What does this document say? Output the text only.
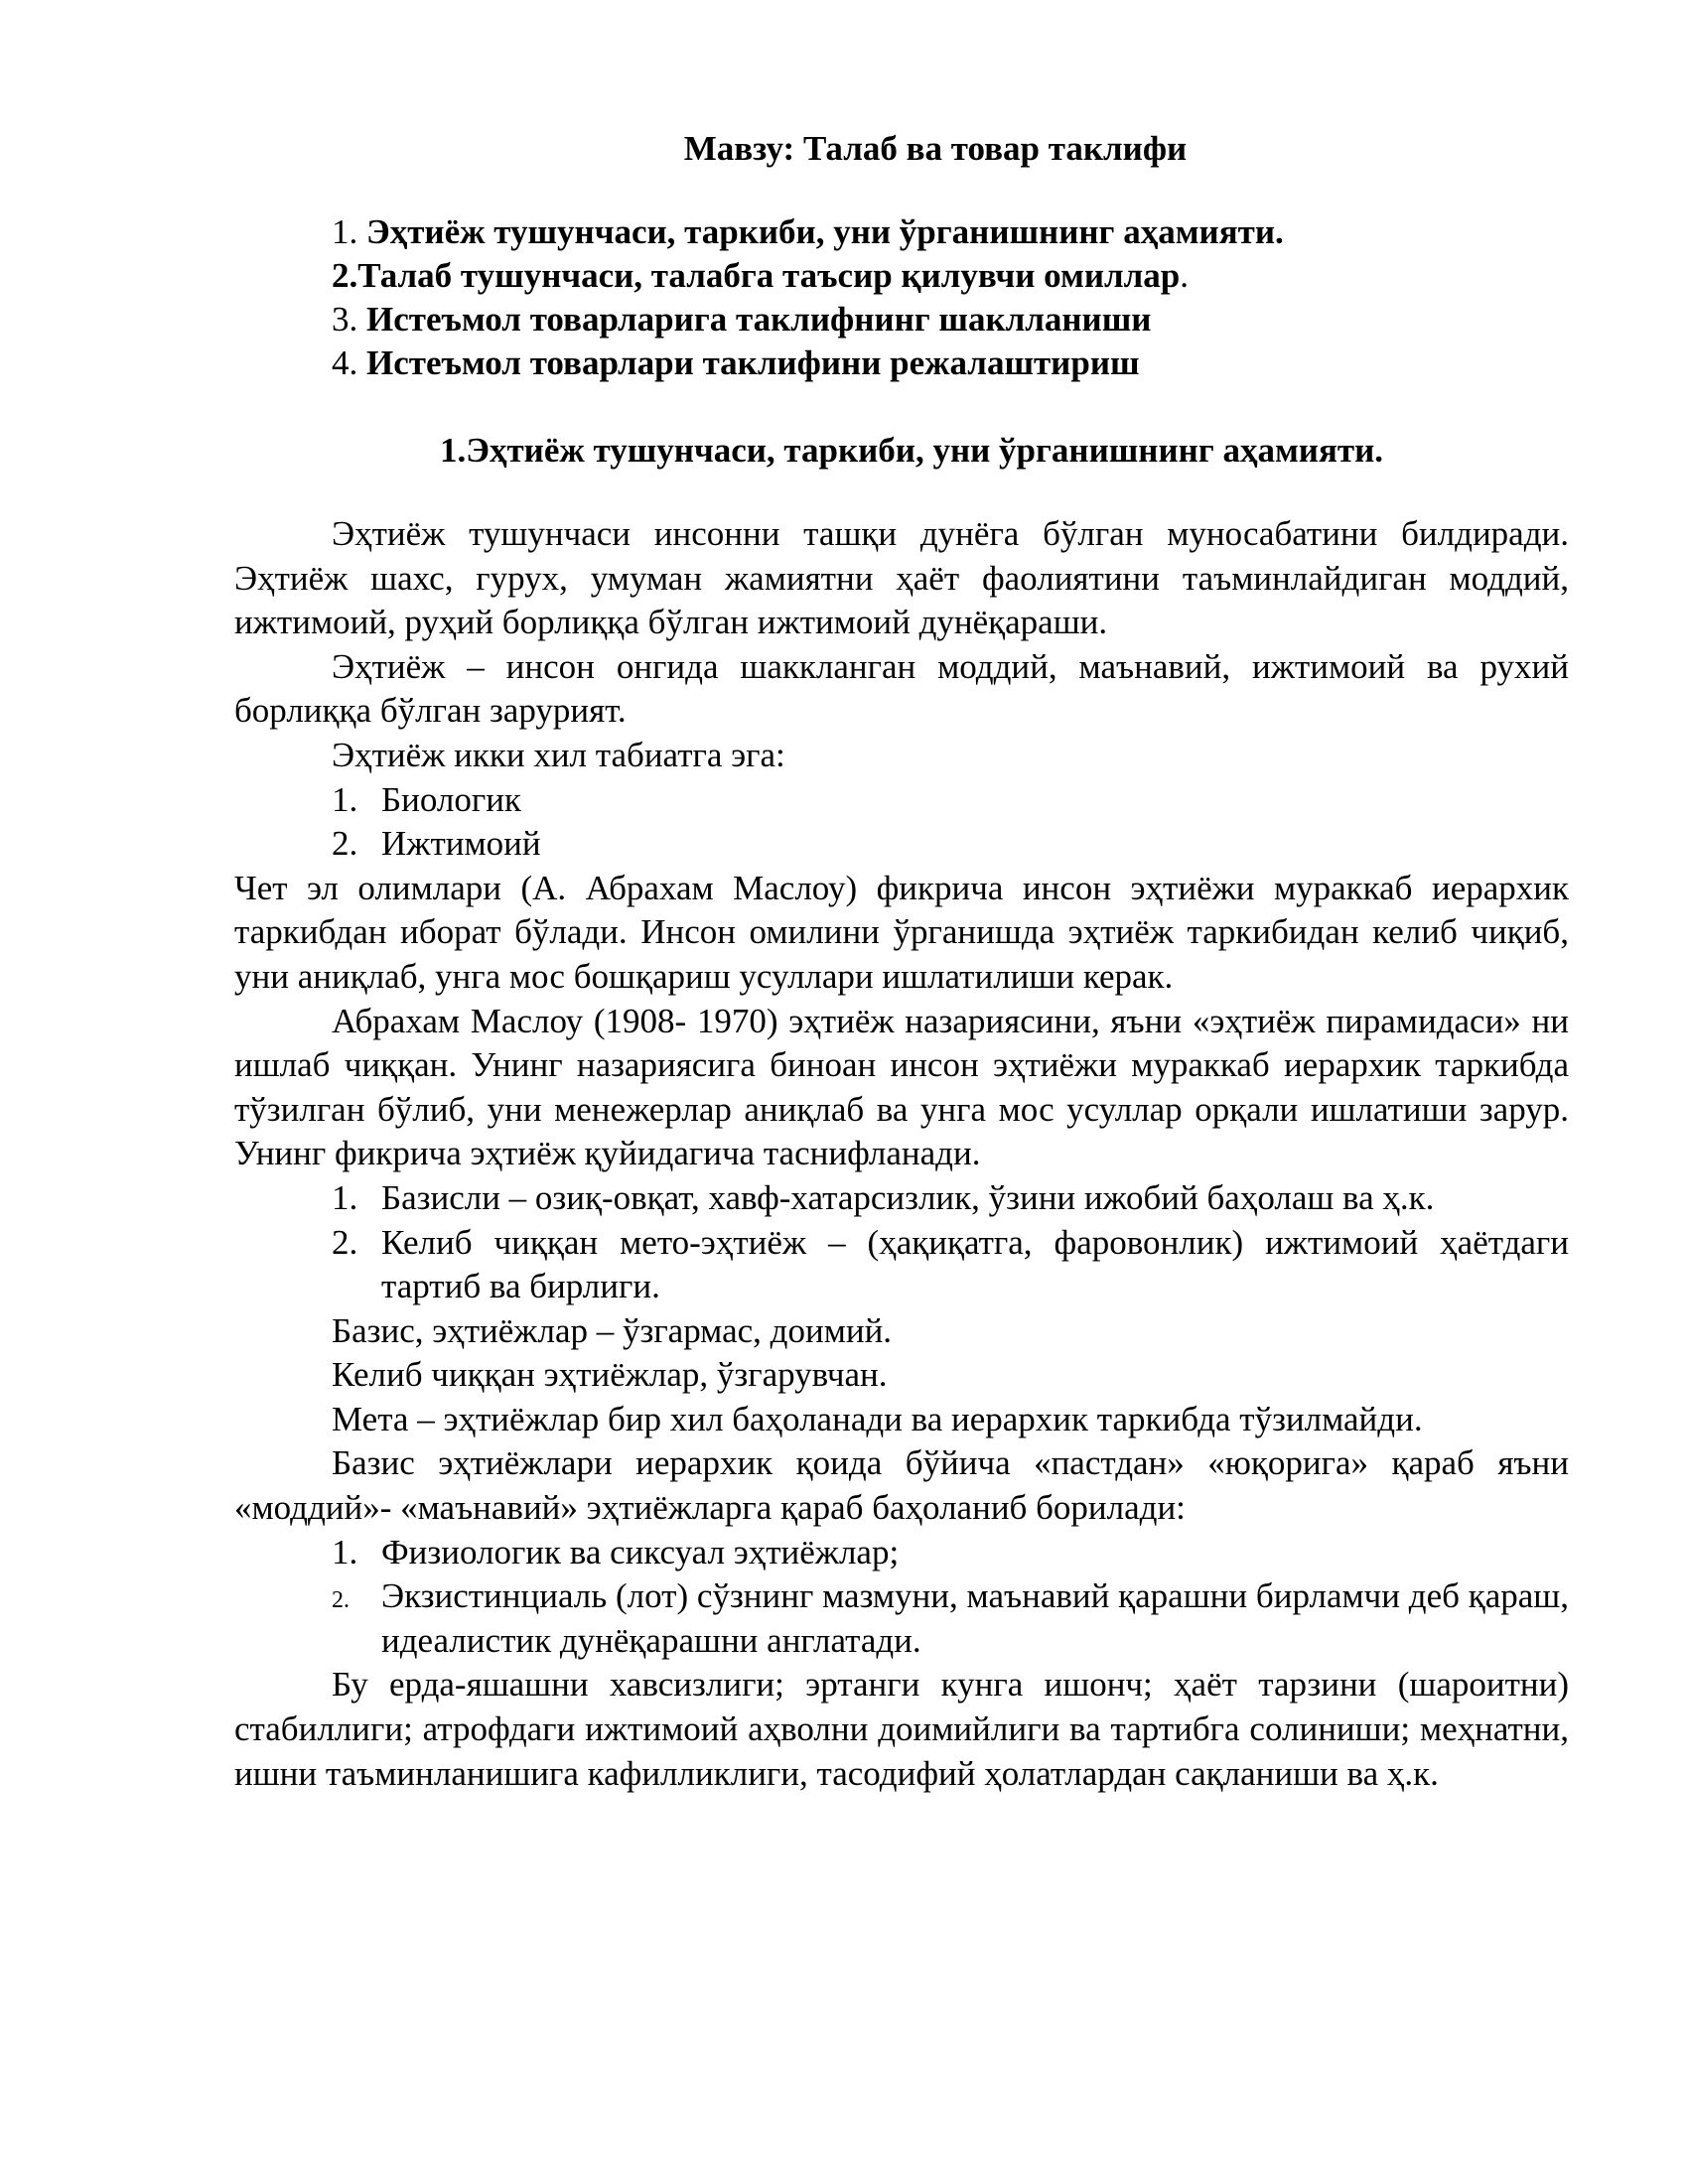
Мавзу: Талаб ва товар таклифи

1. Эҳтиёж тушунчаси, таркиби, уни ўрганишнинг аҳамияти.

2.Талаб тушунчаси, талабга таъсир қилувчи омиллар.

3. Истеъмол товарларига таклифнинг шаклланиши

4. Истеъмол товарлари таклифини режалаштириш

1.Эҳтиёж тушунчаси, таркиби, уни ўрганишнинг аҳамияти.

Эҳтиёж тушунчаси инсонни ташқи дунёга бўлган муносабатини билдиради. Эҳтиёж шахс, гурух, умуман жамиятни ҳаёт фаолиятини таъминлайдиган моддий, ижтимоий, руҳий борлиққа бўлган ижтимоий дунёқараши.

Эҳтиёж – инсон онгида шаккланган моддий, маънавий, ижтимоий ва рухий борлиққа бўлган зарурият.

Эҳтиёж икки хил табиатга эга:

1. Биологик
2. Ижтимоий

Чет эл олимлари (А. Абрахам Маслоу) фикрича инсон эҳтиёжи мураккаб иерархик таркибдан иборат бўлади. Инсон омилини ўрганишда эҳтиёж таркибидан келиб чиқиб, уни аниқлаб, унга мос бошқариш усуллари ишлатилиши керак.

Абрахам Маслоу (1908- 1970) эҳтиёж назариясини, яъни «эҳтиёж пирамидаси» ни ишлаб чиққан. Унинг назариясига биноан инсон эҳтиёжи мураккаб иерархик таркибда тўзилган бўлиб, уни менежерлар аниқлаб ва унга мос усуллар орқали ишлатиши зарур. Унинг фикрича эҳтиёж қуйидагича таснифланади.

1. Базисли – озиқ-овқат, хавф-хатарсизлик, ўзини ижобий баҳолаш ва ҳ.к.
2. Келиб чиққан мето-эҳтиёж – (ҳақиқатга, фаровонлик) ижтимоий ҳаётдаги тартиб ва бирлиги.

Базис, эҳтиёжлар – ўзгармас, доимий.

Келиб чиққан эҳтиёжлар, ўзгарувчан.

Мета – эҳтиёжлар бир хил баҳоланади ва иерархик таркибда тўзилмайди.

Базис эҳтиёжлари иерархик қоида бўйича «пастдан» «юқорига» қараб яъни «моддий»- «маънавий» эҳтиёжларга қараб баҳоланиб борилади:

1. Физиологик ва сиксуал эҳтиёжлар;
2. Экзистинциаль (лот) сўзнинг мазмуни, маънавий қарашни бирламчи деб қараш, идеалистик дунёқарашни англатади.

Бу ерда-яшашни хавсизлиги; эртанги кунга ишонч; ҳаёт тарзини (шароитни) стабиллиги; атрофдаги ижтимоий аҳволни доимийлиги ва тартибга солиниши; меҳнатни, ишни таъминланишига кафилликлиги, тасодифий ҳолатлардан сақланиши ва ҳ.к.
